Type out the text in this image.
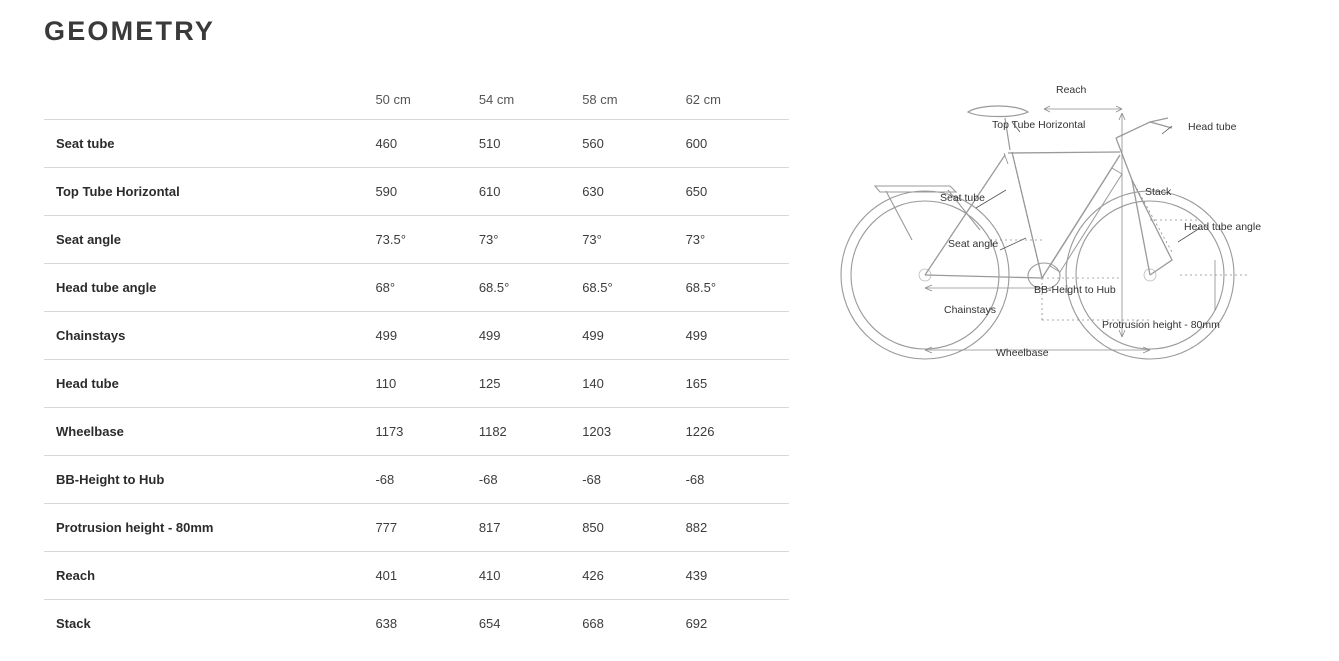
GEOMETRY
	50 cm	54 cm	58 cm	62 cm
Seat tube	460	510	560	600
Top Tube Horizontal	590	610	630	650
Seat angle	73.5°	73°	73°	73°
Head tube angle	68°	68.5°	68.5°	68.5°
Chainstays	499	499	499	499
Head tube	110	125	140	165
Wheelbase	1173	1182	1203	1226
BB-Height to Hub	-68	-68	-68	-68
Protrusion height - 80mm	777	817	850	882
Reach	401	410	426	439
Stack	638	654	668	692
Reach
Top Tube Horizontal	Head tube
Seat tube	Stack
Seat angle
Head tube angle
BB-Height to Hub
Chainstays
Protrusion height - 80mm
Wheelbase
